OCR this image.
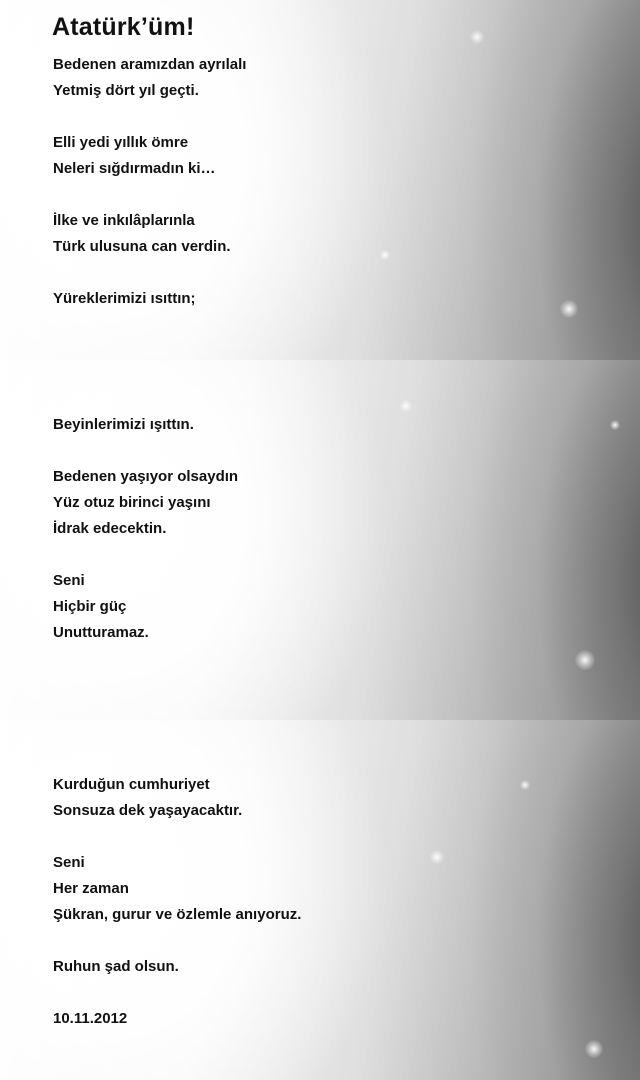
Atatürk’üm!

Bedenen aramızdan ayrılalı
Yetmiş dört yıl geçti.

Elli yedi yıllık ömre
Neleri sığdırmadın ki…

İlke ve inkılâplarınla
Türk ulusuna can verdin.

Yüreklerimizi ısıttın;

Beyinlerimizi ışıttın.

Bedenen yaşıyor olsaydın
Yüz otuz birinci yaşını
İdrak edecektin.

Seni
Hiçbir güç
Unutturamaz.

Kurduğun cumhuriyet
Sonsuza dek yaşayacaktır.

Seni
Her zaman
Şükran, gurur ve özlemle anıyoruz.

Ruhun şad olsun.

10.11.2012
